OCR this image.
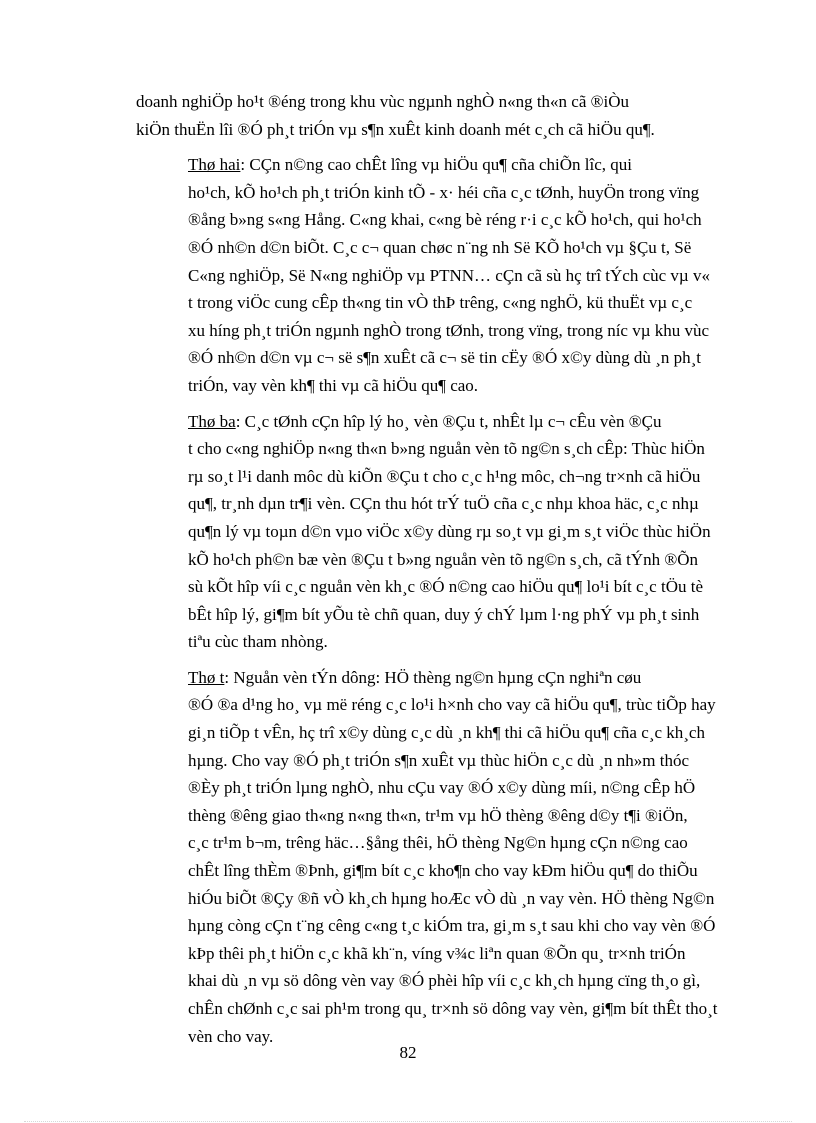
doanh nghiÖp ho¹t ®éng trong khu vùc ngµnh nghÒ n«ng th«n cã ®iÒu
kiÖn thuËn lîi ®Ó ph¸t triÓn vµ s¶n xuÊt kinh doanh mét c¸ch cã hiÖu qu¶.

Thø hai: CÇn n©ng cao chÊt lîng vµ hiÖu qu¶ cña chiÕn lîc, qui
ho¹ch, kÕ ho¹ch ph¸t triÓn kinh tÕ - x· héi cña c¸c tØnh, huyÖn trong vïng
®ång b»ng s«ng Hång. C«ng khai, c«ng bè réng r·i c¸c kÕ ho¹ch, qui ho¹ch
®Ó nh©n d©n biÕt. C¸c c¬ quan chøc n¨ng nh Së KÕ ho¹ch vµ §Çu t, Së
C«ng nghiÖp, Së N«ng nghiÖp vµ PTNN… cÇn cã sù hç trî tÝch cùc vµ v«
t trong viÖc cung cÊp th«ng tin vÒ thÞ trêng, c«ng nghÖ, kü thuËt vµ c¸c
xu híng ph¸t triÓn ngµnh nghÒ trong tØnh, trong vïng, trong níc vµ khu vùc
®Ó nh©n d©n vµ c¬ së s¶n xuÊt cã c¬ së tin cËy ®Ó x©y dùng dù ¸n ph¸t
triÓn, vay vèn kh¶ thi vµ cã hiÖu qu¶ cao.

Thø ba: C¸c tØnh cÇn hîp lý ho¸ vèn ®Çu t, nhÊt lµ c¬ cÊu vèn ®Çu
t cho c«ng nghiÖp n«ng th«n b»ng nguån vèn tõ ng©n s¸ch cÊp: Thùc hiÖn
rµ so¸t l¹i danh môc dù kiÕn ®Çu t cho c¸c h¹ng môc, ch¬ng tr×nh cã hiÖu
qu¶, tr¸nh dµn tr¶i vèn. CÇn thu hót trÝ tuÖ cña c¸c nhµ khoa häc, c¸c nhµ
qu¶n lý vµ toµn d©n vµo viÖc x©y dùng rµ so¸t vµ gi¸m s¸t viÖc thùc hiÖn
kÕ ho¹ch ph©n bæ vèn ®Çu t b»ng nguån vèn tõ ng©n s¸ch, cã tÝnh ®Õn
sù kÕt hîp víi c¸c nguån vèn kh¸c ®Ó n©ng cao hiÖu qu¶ lo¹i bít c¸c tÖu tè
bÊt hîp lý, gi¶m bít yÕu tè chñ quan, duy ý chÝ lµm l·ng phÝ vµ ph¸t sinh
tiªu cùc tham nhòng.

Thø t: Nguån vèn tÝn dông: HÖ thèng ng©n hµng cÇn nghiªn cøu
®Ó ®a d¹ng ho¸ vµ më réng c¸c lo¹i h×nh cho vay cã hiÖu qu¶, trùc tiÕp hay
gi¸n tiÕp t vÊn, hç trî x©y dùng c¸c dù ¸n kh¶ thi cã hiÖu qu¶ cña c¸c kh¸ch
hµng. Cho vay ®Ó ph¸t triÓn s¶n xuÊt vµ thùc hiÖn c¸c dù ¸n nh»m thóc
®Èy ph¸t triÓn lµng nghÒ, nhu cÇu vay ®Ó x©y dùng míi, n©ng cÊp hÖ
thèng ®êng giao th«ng n«ng th«n, tr¹m vµ hÖ thèng ®êng d©y t¶i ®iÖn,
c¸c tr¹m b¬m, trêng häc…§ång thêi, hÖ thèng Ng©n hµng cÇn n©ng cao
chÊt lîng thÈm ®Þnh, gi¶m bít c¸c kho¶n cho vay kÐm hiÖu qu¶ do thiÕu
hiÓu biÕt ®Çy ®ñ vÒ kh¸ch hµng hoÆc vÒ dù ¸n vay vèn. HÖ thèng Ng©n
hµng còng cÇn t¨ng cêng c«ng t¸c kiÓm tra, gi¸m s¸t sau khi cho vay vèn ®Ó
kÞp thêi ph¸t hiÖn c¸c khã kh¨n, víng v¾c liªn quan ®Õn qu¸ tr×nh triÓn
khai dù ¸n vµ sö dông vèn vay ®Ó phèi hîp víi c¸c kh¸ch hµng cïng th¸o gì,
chÊn chØnh c¸c sai ph¹m trong qu¸ tr×nh sö dông vay vèn, gi¶m bít thÊt tho¸t
vèn cho vay.

82
